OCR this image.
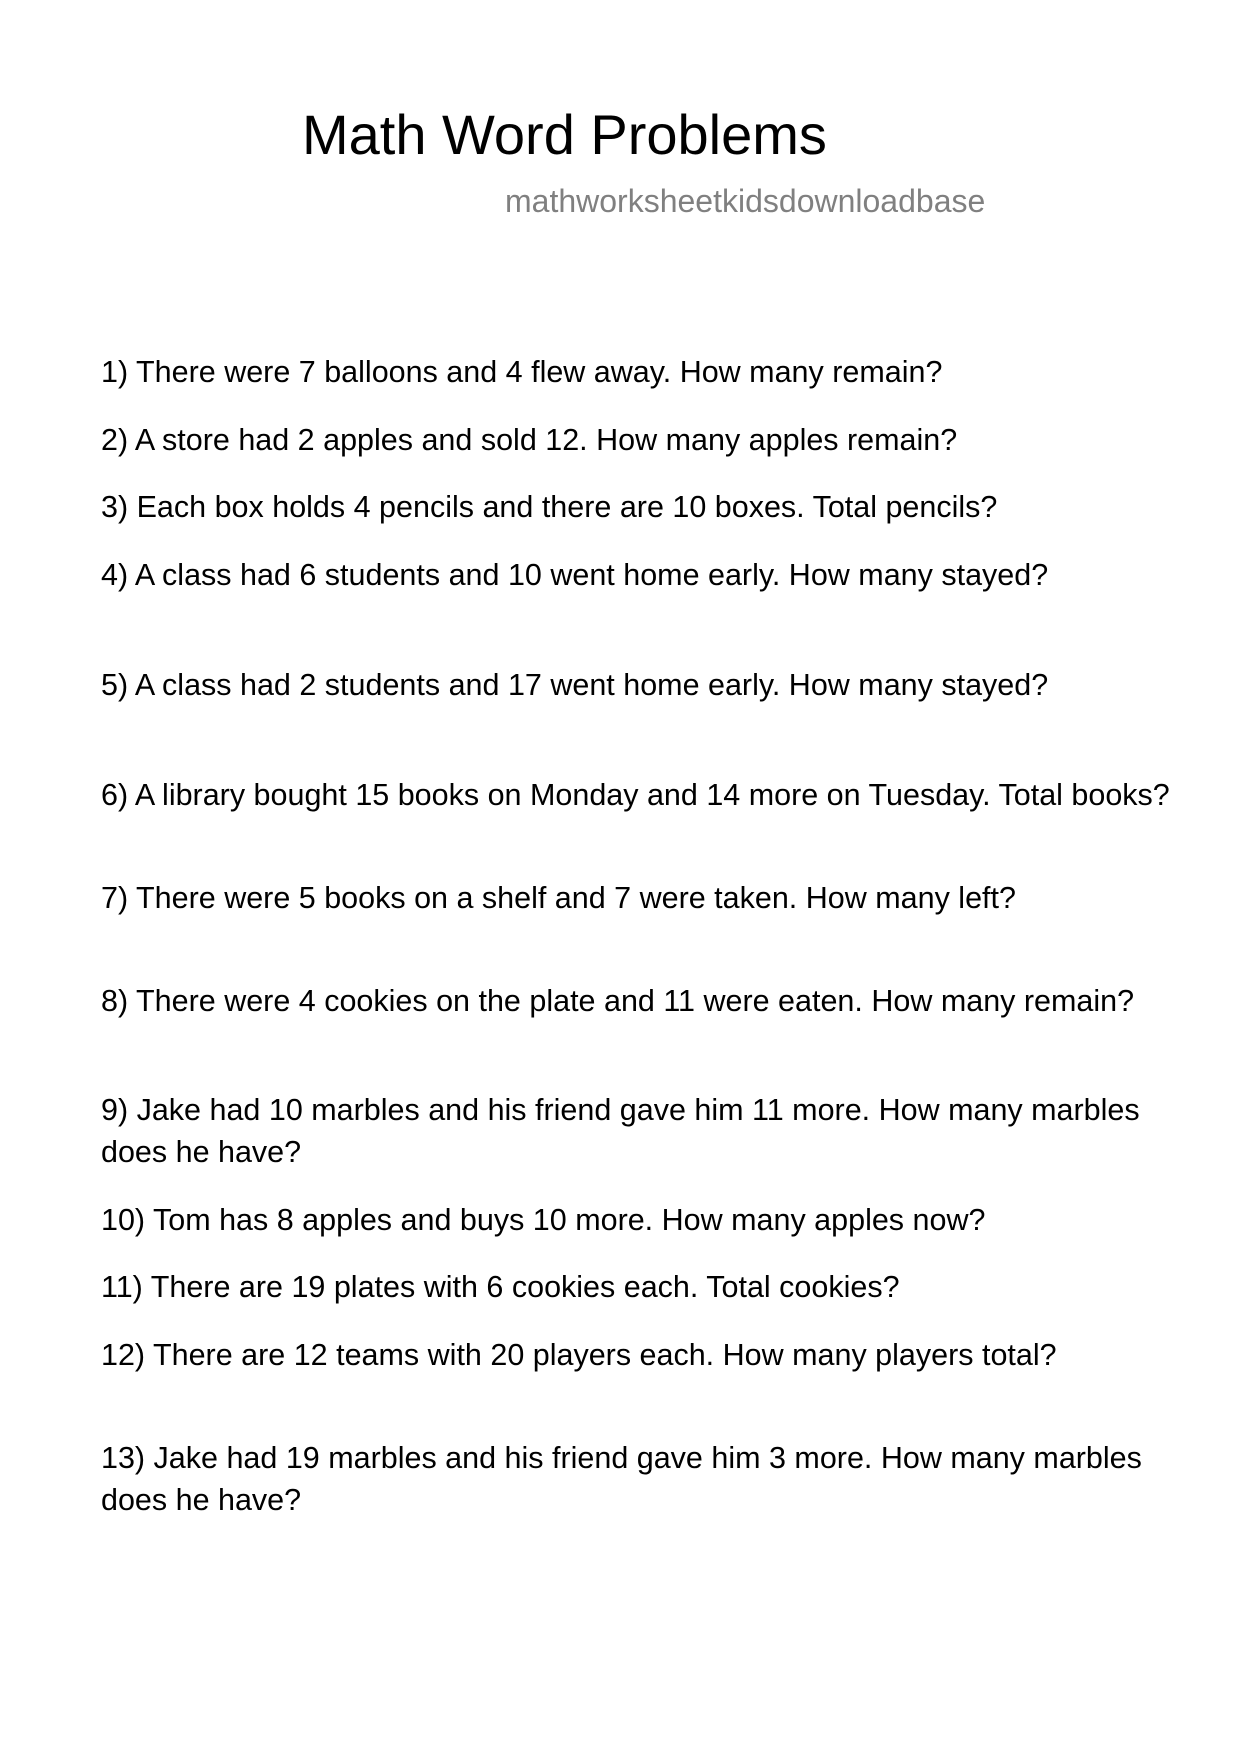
Math Word Problems
mathworksheetkidsdownloadbase
1) There were 7 balloons and 4 flew away. How many remain?
2) A store had 2 apples and sold 12. How many apples remain?
3) Each box holds 4 pencils and there are 10 boxes. Total pencils?
4) A class had 6 students and 10 went home early. How many stayed?
5) A class had 2 students and 17 went home early. How many stayed?
6) A library bought 15 books on Monday and 14 more on Tuesday. Total books?
7) There were 5 books on a shelf and 7 were taken. How many left?
8) There were 4 cookies on the plate and 11 were eaten. How many remain?
9) Jake had 10 marbles and his friend gave him 11 more. How many marbles does he have?
10) Tom has 8 apples and buys 10 more. How many apples now?
11) There are 19 plates with 6 cookies each. Total cookies?
12) There are 12 teams with 20 players each. How many players total?
13) Jake had 19 marbles and his friend gave him 3 more. How many marbles does he have?
